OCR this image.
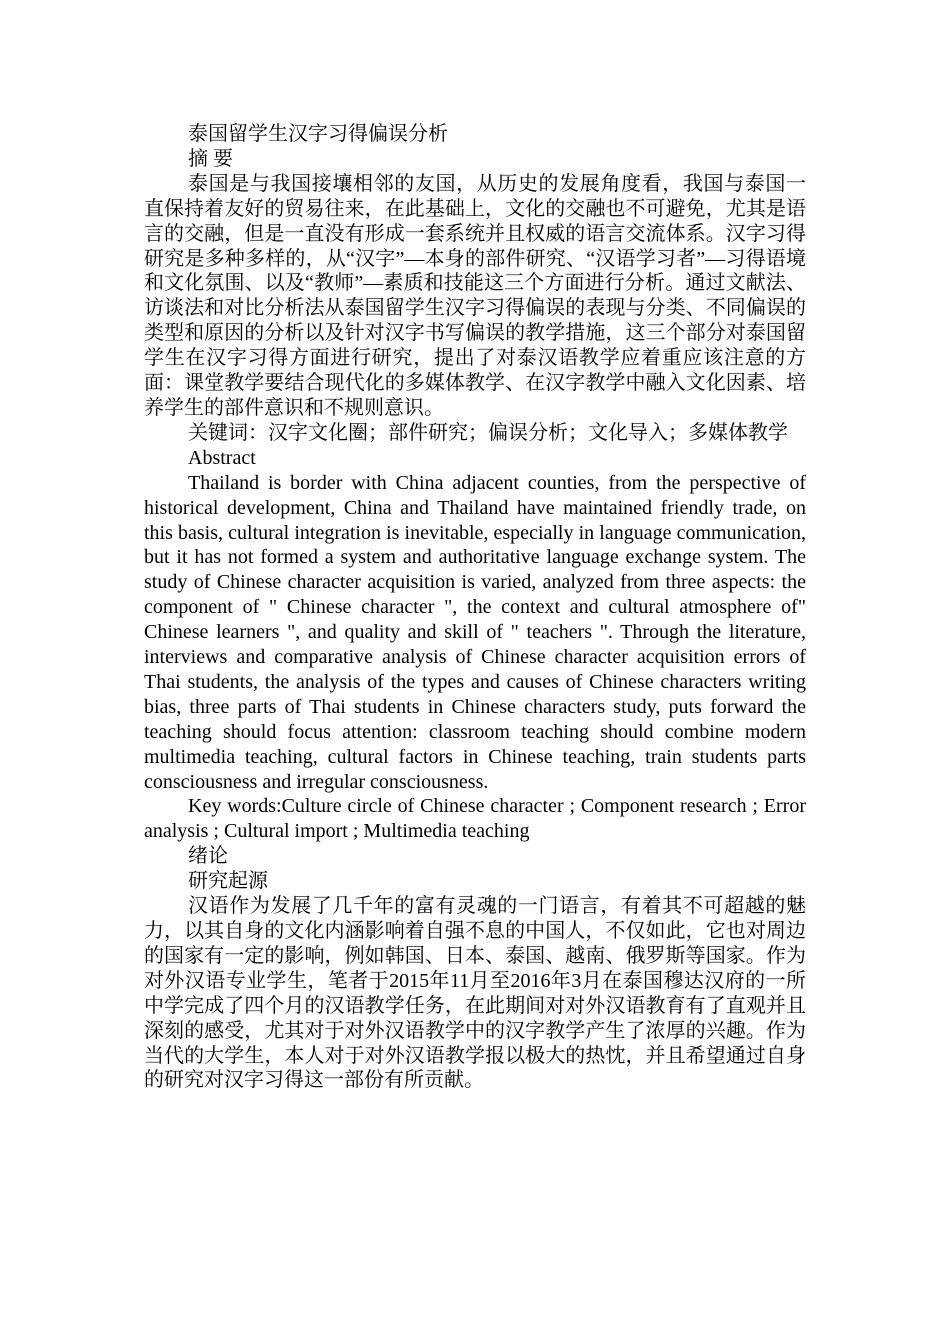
泰国留学生汉字习得偏误分析

摘 要

泰国是与我国接壤相邻的友国，从历史的发展角度看，我国与泰国一直保持着友好的贸易往来，在此基础上，文化的交融也不可避免，尤其是语言的交融，但是一直没有形成一套系统并且权威的语言交流体系。汉字习得研究是多种多样的，从“汉字”—本身的部件研究、“汉语学习者”—习得语境和文化氛围、以及“教师”—素质和技能这三个方面进行分析。通过文献法、访谈法和对比分析法从泰国留学生汉字习得偏误的表现与分类、不同偏误的类型和原因的分析以及针对汉字书写偏误的教学措施，这三个部分对泰国留学生在汉字习得方面进行研究，提出了对泰汉语教学应着重应该注意的方面：课堂教学要结合现代化的多媒体教学、在汉字教学中融入文化因素、培养学生的部件意识和不规则意识。

关键词：汉字文化圈；部件研究；偏误分析；文化导入；多媒体教学

Abstract

Thailand is border with China adjacent counties, from the perspective of historical development, China and Thailand have maintained friendly trade, on this basis, cultural integration is inevitable, especially in language communication, but it has not formed a system and authoritative language exchange system. The study of Chinese character acquisition is varied, analyzed from three aspects: the component of " Chinese character ", the context and cultural atmosphere of" Chinese learners ", and quality and skill of " teachers ". Through the literature, interviews and comparative analysis of Chinese character acquisition errors of Thai students, the analysis of the types and causes of Chinese characters writing bias, three parts of Thai students in Chinese characters study, puts forward the teaching should focus attention: classroom teaching should combine modern multimedia teaching, cultural factors in Chinese teaching, train students parts consciousness and irregular consciousness.

Key words:Culture circle of Chinese character ; Component research ; Error analysis ; Cultural import ; Multimedia teaching

绪论

研究起源

汉语作为发展了几千年的富有灵魂的一门语言，有着其不可超越的魅力，以其自身的文化内涵影响着自强不息的中国人，不仅如此，它也对周边的国家有一定的影响，例如韩国、日本、泰国、越南、俄罗斯等国家。作为对外汉语专业学生，笔者于2015年11月至2016年3月在泰国穆达汉府的一所中学完成了四个月的汉语教学任务，在此期间对对外汉语教育有了直观并且深刻的感受，尤其对于对外汉语教学中的汉字教学产生了浓厚的兴趣。作为当代的大学生，本人对于对外汉语教学报以极大的热忱，并且希望通过自身的研究对汉字习得这一部份有所贡献。
